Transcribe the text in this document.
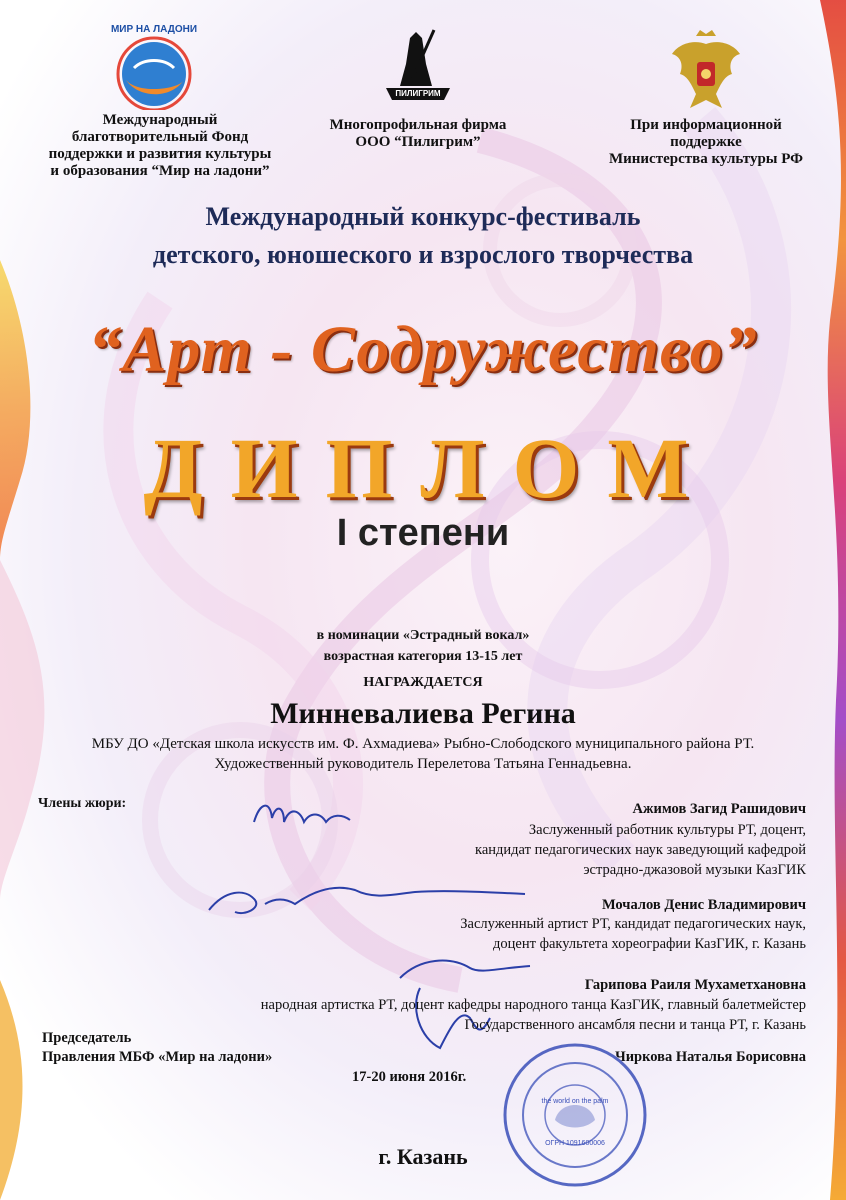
МИР НА ЛАДОНИ
Международный
благотворительный Фонд
поддержки и развития культуры
и образования “Мир на ладони”
ПИЛИГРИМ
Многопрофильная фирма
ООО “Пилигрим”
При информационной
поддержке
Министерства культуры РФ
Международный конкурс-фестиваль
детского, юношеского и взрослого творчества
“Арт - Содружество”
ДИПЛОМ
I степени
в номинации «Эстрадный вокал»
возрастная категория 13-15 лет
НАГРАЖДАЕТСЯ
Минневалиева Регина
МБУ ДО «Детская школа искусств им. Ф. Ахмадиева» Рыбно-Слободского муниципального района РТ.
Художественный руководитель Перелетова Татьяна Геннадьевна.
Члены жюри:	Ажимов Загид Рашидович
Заслуженный работник культуры РТ, доцент,
кандидат педагогических наук заведующий кафедрой
эстрадно-джазовой музыки КазГИК
Мочалов Денис Владимирович
Заслуженный артист РТ, кандидат педагогических наук,
доцент факультета хореографии КазГИК, г. Казань
Гарипова Раиля Мухаметхановна
народная артистка РТ, доцент кафедры народного танца КазГИК, главный балетмейстер
Государственного ансамбля песни и танца РТ, г. Казань
Председатель
Правления МБФ «Мир на ладони»	Чиркова Наталья Борисовна
the world on the palm
ОГРН 1091600006
17-20 июня 2016г.
г. Казань
